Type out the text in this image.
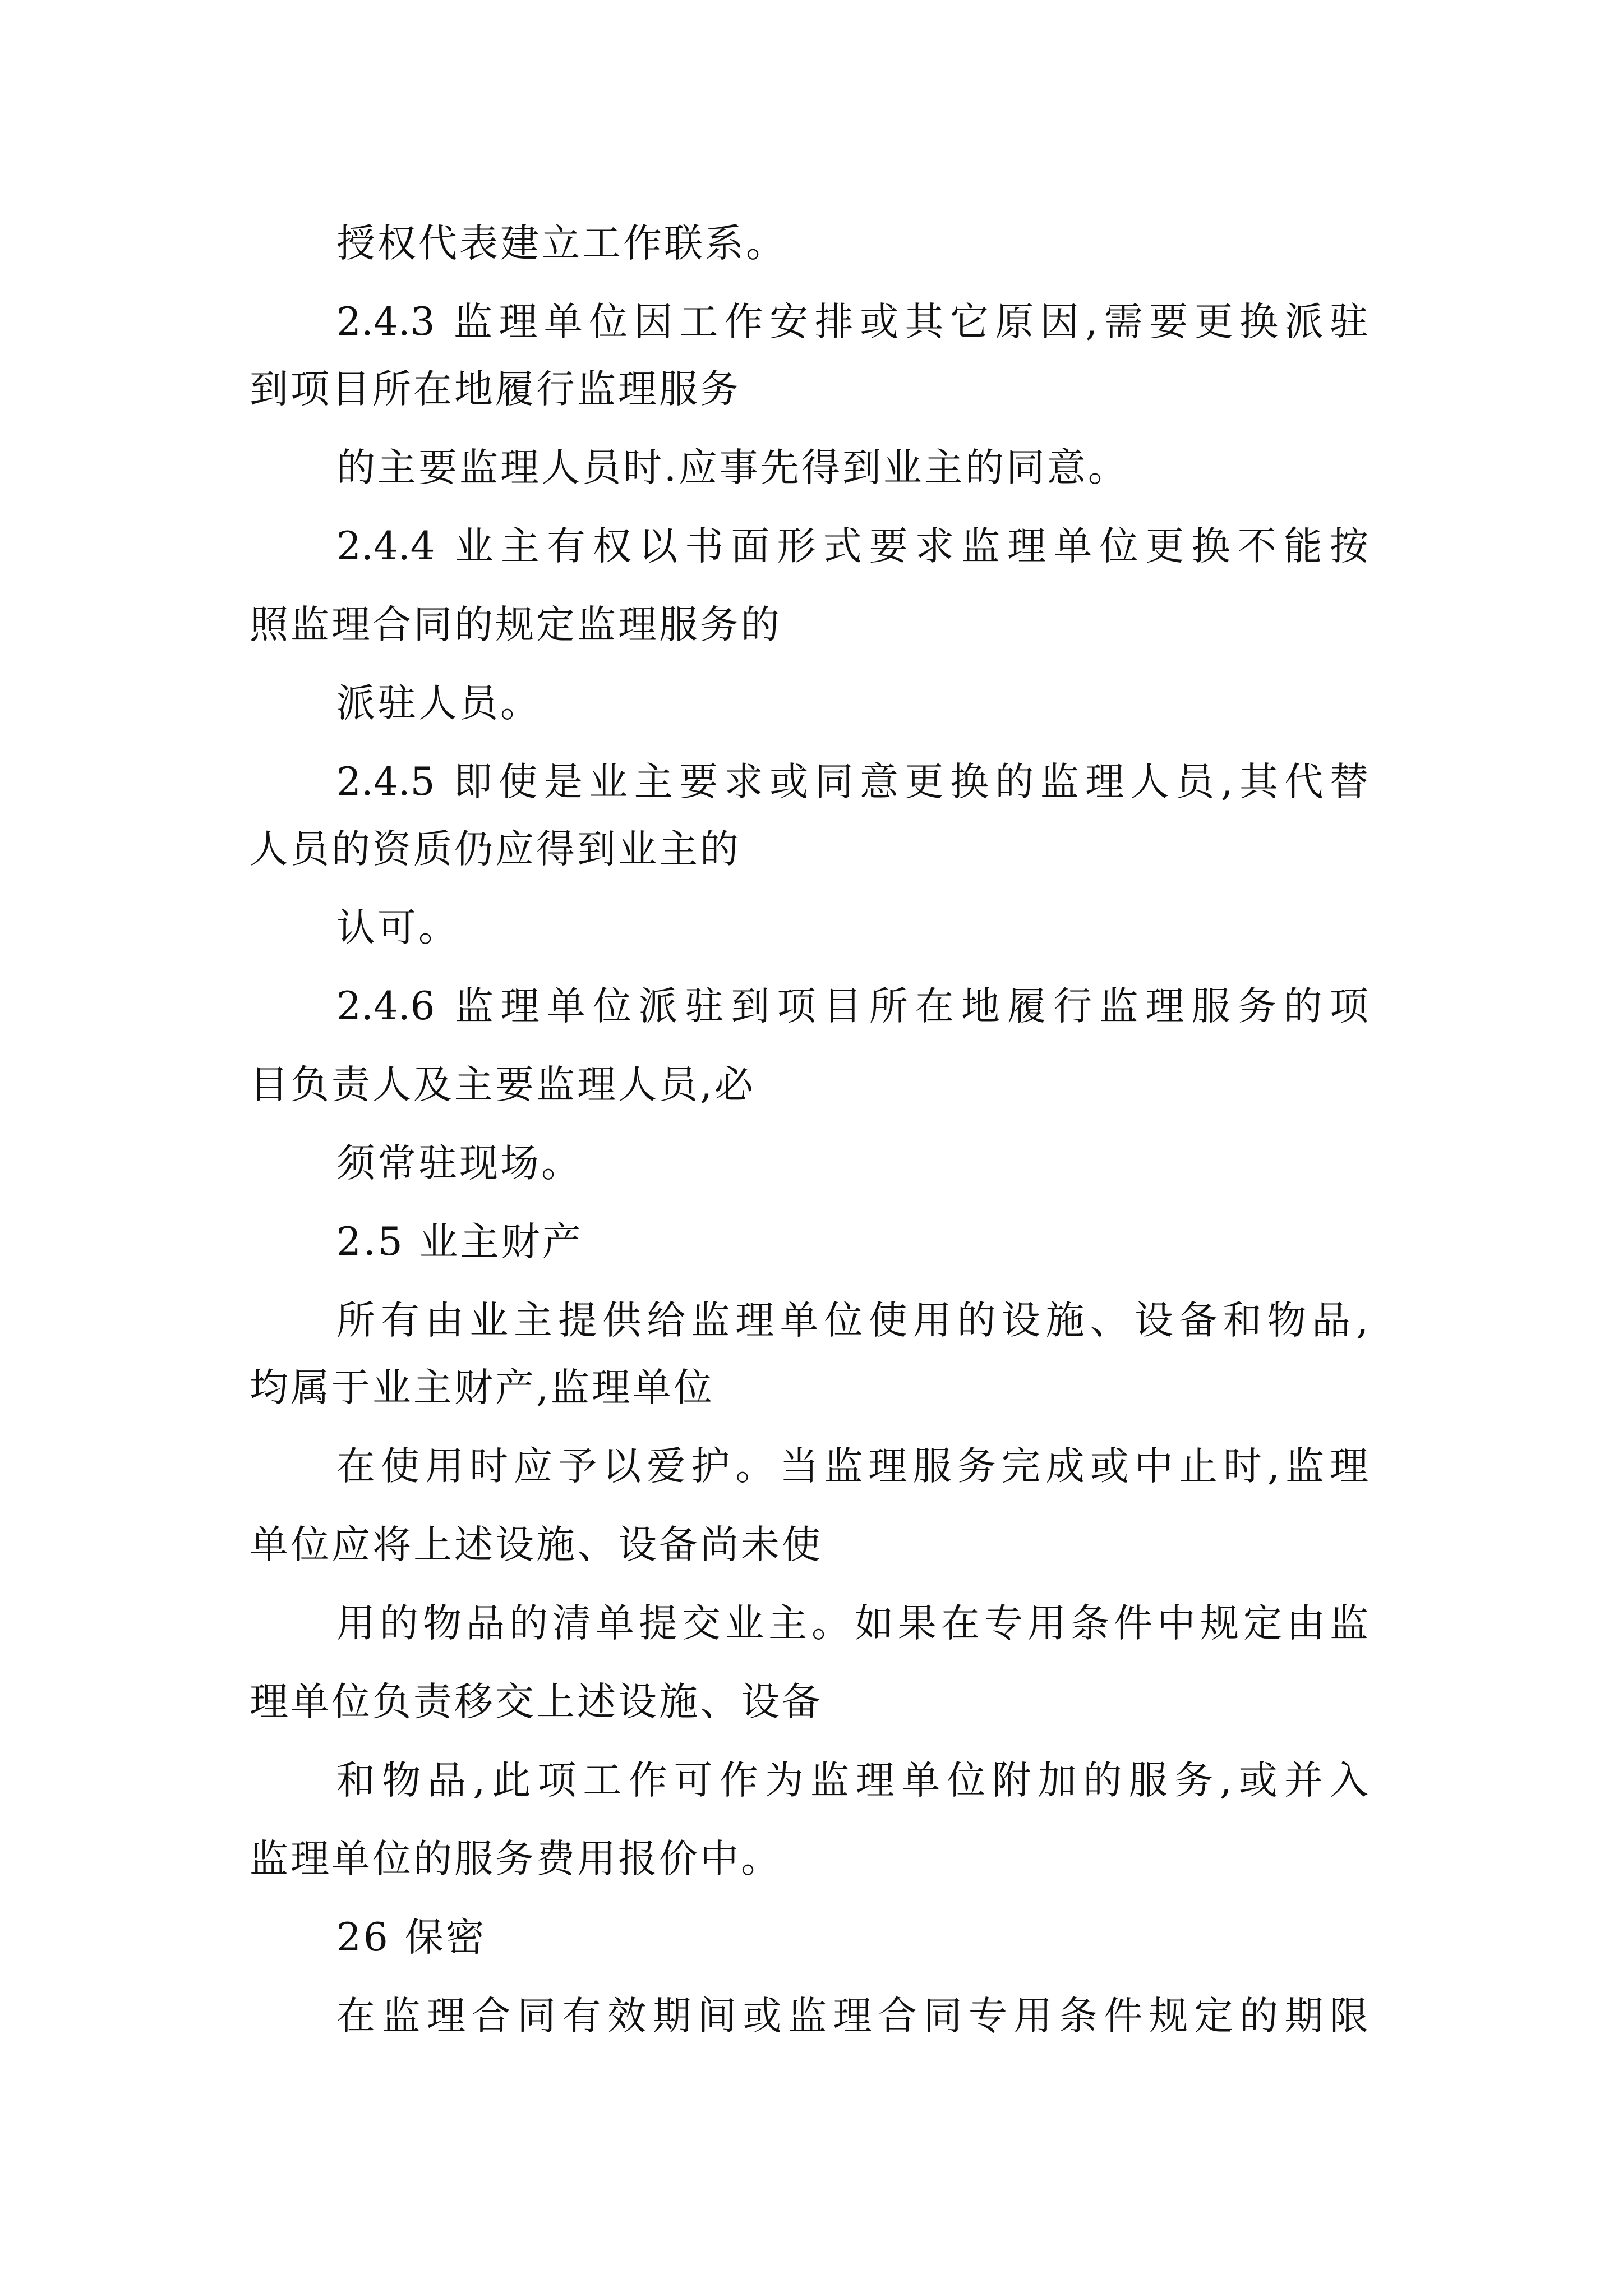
授权代表建立工作联系。
2.4.3 监理单位因工作安排或其它原因,需要更换派驻
到项目所在地履行监理服务
的主要监理人员时.应事先得到业主的同意。
2.4.4 业主有权以书面形式要求监理单位更换不能按
照监理合同的规定监理服务的
派驻人员。
2.4.5 即使是业主要求或同意更换的监理人员,其代替
人员的资质仍应得到业主的
认可。
2.4.6 监理单位派驻到项目所在地履行监理服务的项
目负责人及主要监理人员,必
须常驻现场。
2.5 业主财产
所有由业主提供给监理单位使用的设施、设备和物品,
均属于业主财产,监理单位
在使用时应予以爱护。当监理服务完成或中止时,监理
单位应将上述设施、设备尚未使
用的物品的清单提交业主。如果在专用条件中规定由监
理单位负责移交上述设施、设备
和物品,此项工作可作为监理单位附加的服务,或并入
监理单位的服务费用报价中。
26 保密
在监理合同有效期间或监理合同专用条件规定的期限
